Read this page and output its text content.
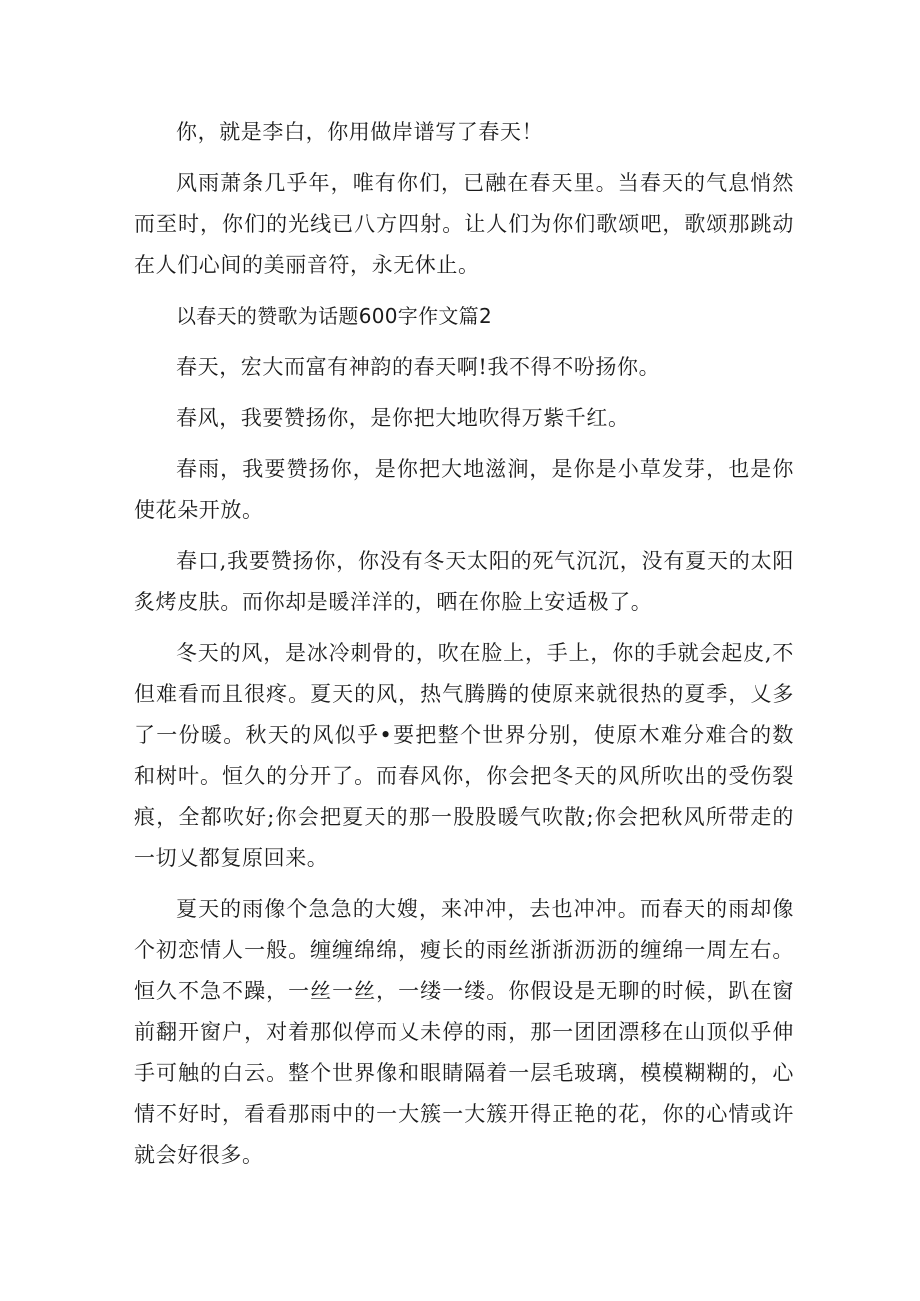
你，就是李白，你用做岸谱写了春天！

风雨萧条几乎年，唯有你们，已融在春天里。当春天的气息悄然而至时，你们的光线已八方四射。让人们为你们歌颂吧，歌颂那跳动在人们心间的美丽音符，永无休止。

以春天的赞歌为话题600字作文篇2

春天，宏大而富有神韵的春天啊!我不得不吩扬你。

春风，我要赞扬你，是你把大地吹得万紫千红。

春雨，我要赞扬你，是你把大地滋涧，是你是小草发芽，也是你使花朵开放。

春口,我要赞扬你，你没有冬天太阳的死气沉沉，没有夏天的太阳炙烤皮肤。而你却是暖洋洋的，晒在你脸上安适极了。

冬天的风，是冰冷刺骨的，吹在脸上，手上，你的手就会起皮,不但难看而且很疼。夏天的风，热气腾腾的使原来就很热的夏季，乂多了一份暖。秋天的风似乎•要把整个世界分别，使原木难分难合的数和树叶。恒久的分开了。而春风你，你会把冬天的风所吹出的受伤裂痕，全都吹好;你会把夏天的那一股股暖气吹散;你会把秋风所带走的一切乂都复原回来。

夏天的雨像个急急的大嫂，来冲冲，去也冲冲。而春天的雨却像个初恋情人一般。缠缠绵绵，瘦长的雨丝浙浙沥沥的缠绵一周左右。恒久不急不躁，一丝一丝，一缕一缕。你假设是无聊的时候，趴在窗前翻开窗户，对着那似停而乂未停的雨，那一团团漂移在山顶似乎伸手可触的白云。整个世界像和眼睛隔着一层毛玻璃，模模糊糊的，心情不好时，看看那雨中的一大簇一大簇开得正艳的花，你的心情或许就会好很多。
